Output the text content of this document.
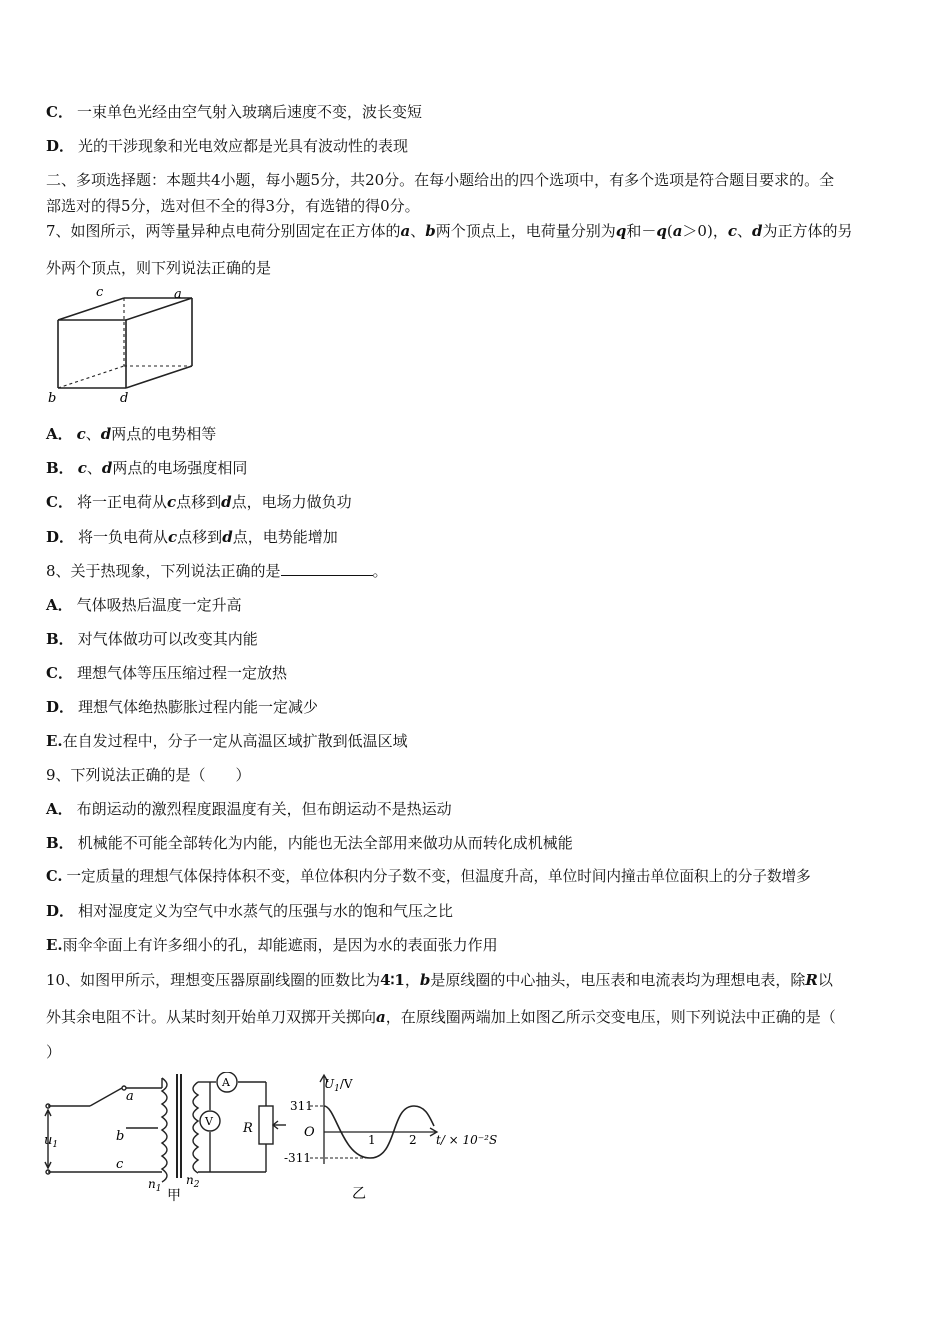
C． 一束单色光经由空气射入玻璃后速度不变，波长变短
D． 光的干涉现象和光电效应都是光具有波动性的表现
二、多项选择题：本题共4小题，每小题5分，共20分。在每小题给出的四个选项中，有多个选项是符合题目要求的。全
部选对的得5分，选对但不全的得3分，有选错的得0分。
7、如图所示，两等量异种点电荷分别固定在正方体的a、b两个顶点上，电荷量分别为q和－q(a＞0)，c、d为正方体的另
外两个顶点，则下列说法正确的是
c	a
b	d
A． c、d两点的电势相等
B． c、d两点的电场强度相同
C． 将一正电荷从c点移到d点，电场力做负功
D． 将一负电荷从c点移到d点，电势能增加
8、关于热现象，下列说法正确的是	。
A． 气体吸热后温度一定升高
B． 对气体做功可以改变其内能
C． 理想气体等压压缩过程一定放热
D． 理想气体绝热膨胀过程内能一定减少
E.在自发过程中，分子一定从高温区域扩散到低温区域
9、下列说法正确的是（　　）
A． 布朗运动的激烈程度跟温度有关，但布朗运动不是热运动
B． 机械能不可能全部转化为内能，内能也无法全部用来做功从而转化成机械能
C. 一定质量的理想气体保持体积不变，单位体积内分子数不变，但温度升高，单位时间内撞击单位面积上的分子数增多
D． 相对湿度定义为空气中水蒸气的压强与水的饱和气压之比
E.雨伞伞面上有许多细小的孔，却能遮雨，是因为水的表面张力作用
10、如图甲所示，理想变压器原副线圈的匝数比为4∶1，b是原线圈的中心抽头，电压表和电流表均为理想电表，除R以
外其余电阻不计。从某时刻开始单刀双掷开关掷向a，在原线圈两端加上如图乙所示交变电压，则下列说法中正确的是（
）
a
b
c
$u_1$
$n_1$
$n_2$
A
V R
甲
$U_1/V$
311
-311
O	1	2 t/ × 10⁻²S
乙
